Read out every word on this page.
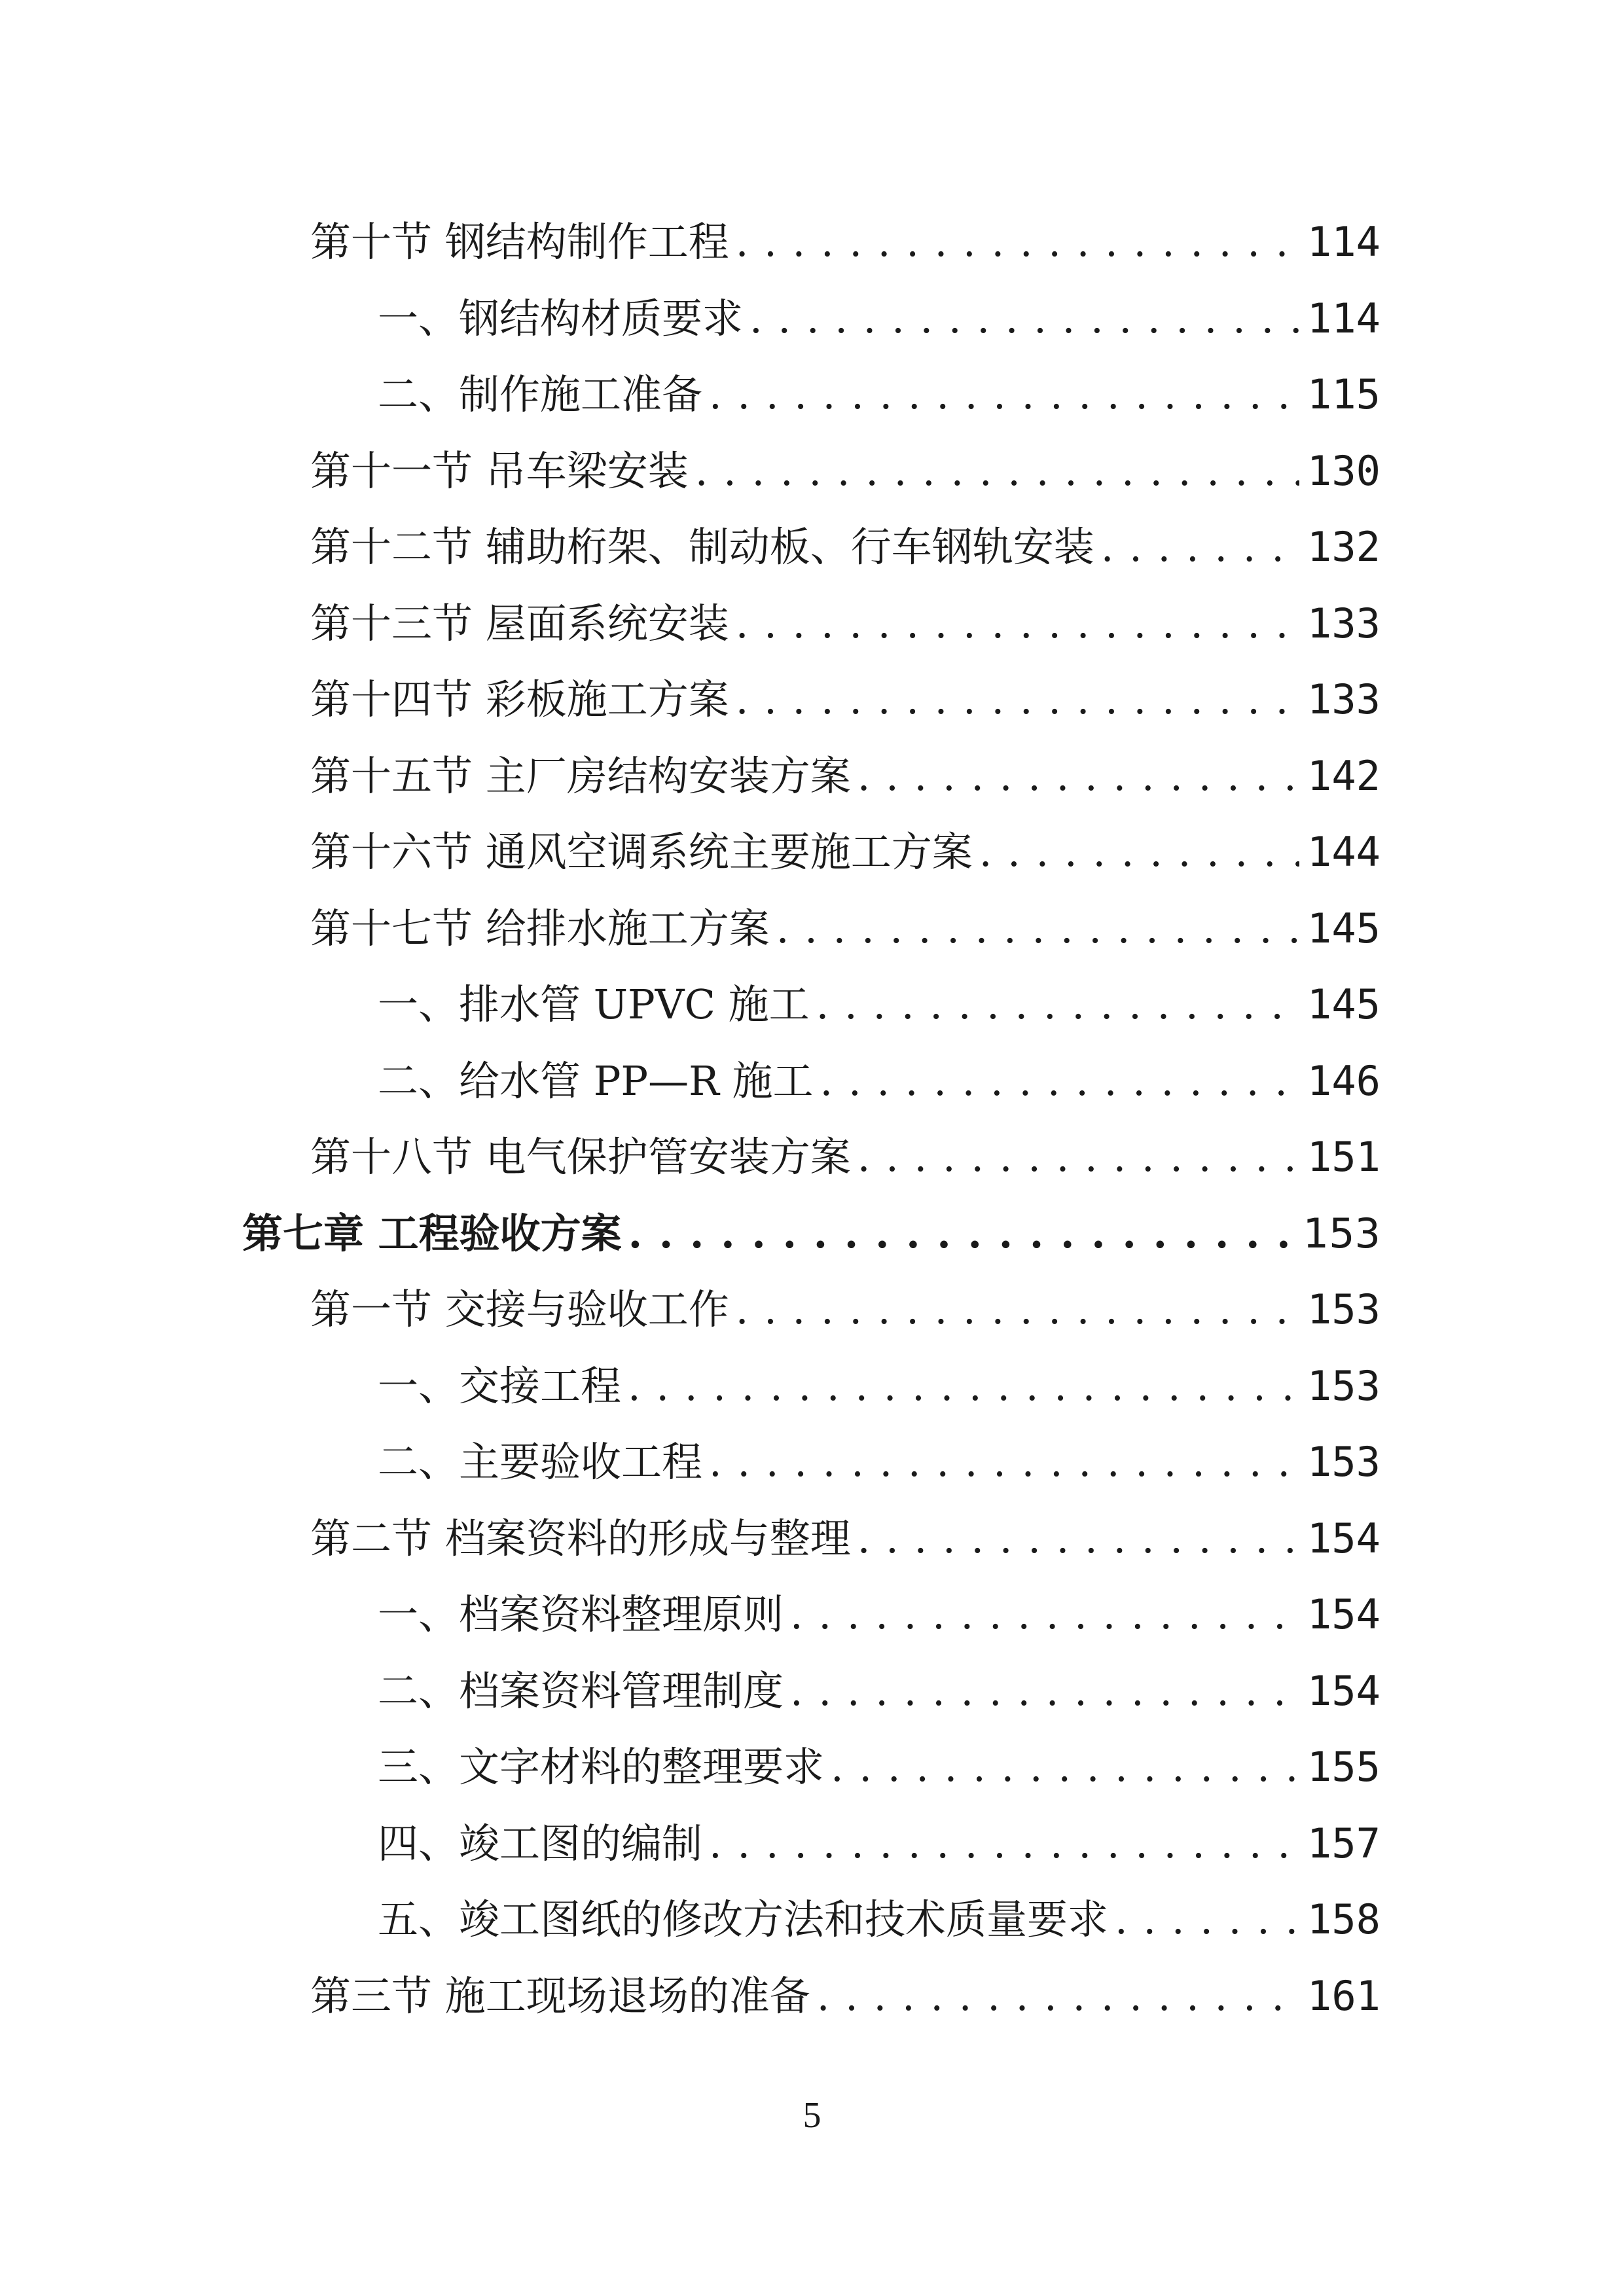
第十节 钢结构制作工程 . . .	114
一、钢结构材质要求 . . .	114
二、制作施工准备 . . .	115
第十一节 吊车梁安装 . . .	130
第十二节 辅助桁架、制动板、行车钢轨安装 . . .	132
第十三节 屋面系统安装 . . .	133
第十四节 彩板施工方案 . . .	133
第十五节 主厂房结构安装方案 . . .	142
第十六节 通风空调系统主要施工方案 . . .	144
第十七节 给排水施工方案 . . .	145
一、排水管 UPVC 施工 . . .	145
二、给水管 PP—R 施工 . . .	146
第十八节 电气保护管安装方案 . . .	151
第七章 工程验收方案 . . .	153
第一节 交接与验收工作 . . .	153
一、交接工程 . . .	153
二、主要验收工程 . . .	153
第二节 档案资料的形成与整理 . . .	154
一、档案资料整理原则 . . .	154
二、档案资料管理制度 . . .	154
三、文字材料的整理要求 . . .	155
四、竣工图的编制 . . .	157
五、竣工图纸的修改方法和技术质量要求 . . .	158
第三节 施工现场退场的准备 . . .	161
5
